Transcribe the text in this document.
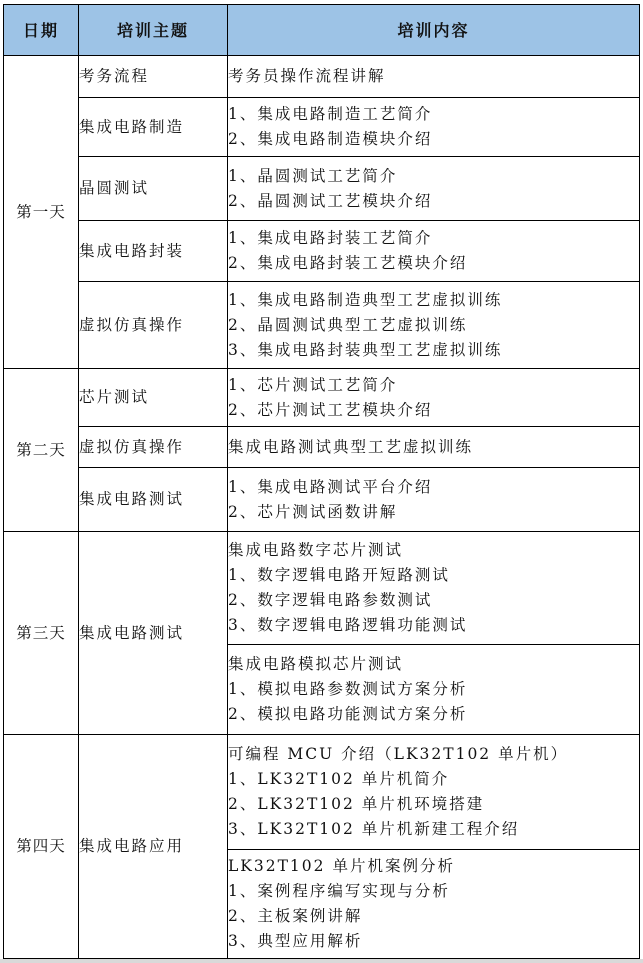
日期	培训主题	培训内容
第一天	考务流程	考务员操作流程讲解

	集成电路制造	1、集成电路制造工艺简介
2、集成电路制造模块介绍

	晶圆测试	1、晶圆测试工艺简介
2、晶圆测试工艺模块介绍

	集成电路封装	1、集成电路封装工艺简介
2、集成电路封装工艺模块介绍

	虚拟仿真操作	1、集成电路制造典型工艺虚拟训练
2、晶圆测试典型工艺虚拟训练
3、集成电路封装典型工艺虚拟训练

第二天	芯片测试	1、芯片测试工艺简介
2、芯片测试工艺模块介绍

	虚拟仿真操作	集成电路测试典型工艺虚拟训练

	集成电路测试	1、集成电路测试平台介绍
2、芯片测试函数讲解

第三天	集成电路测试	集成电路数字芯片测试
1、数字逻辑电路开短路测试
2、数字逻辑电路参数测试
3、数字逻辑电路逻辑功能测试

		集成电路模拟芯片测试
1、模拟电路参数测试方案分析
2、模拟电路功能测试方案分析

第四天	集成电路应用	可编程 MCU 介绍（LK32T102 单片机）
1、LK32T102 单片机简介
2、LK32T102 单片机环境搭建
3、LK32T102 单片机新建工程介绍

		LK32T102 单片机案例分析
1、案例程序编写实现与分析
2、主板案例讲解
3、典型应用解析
